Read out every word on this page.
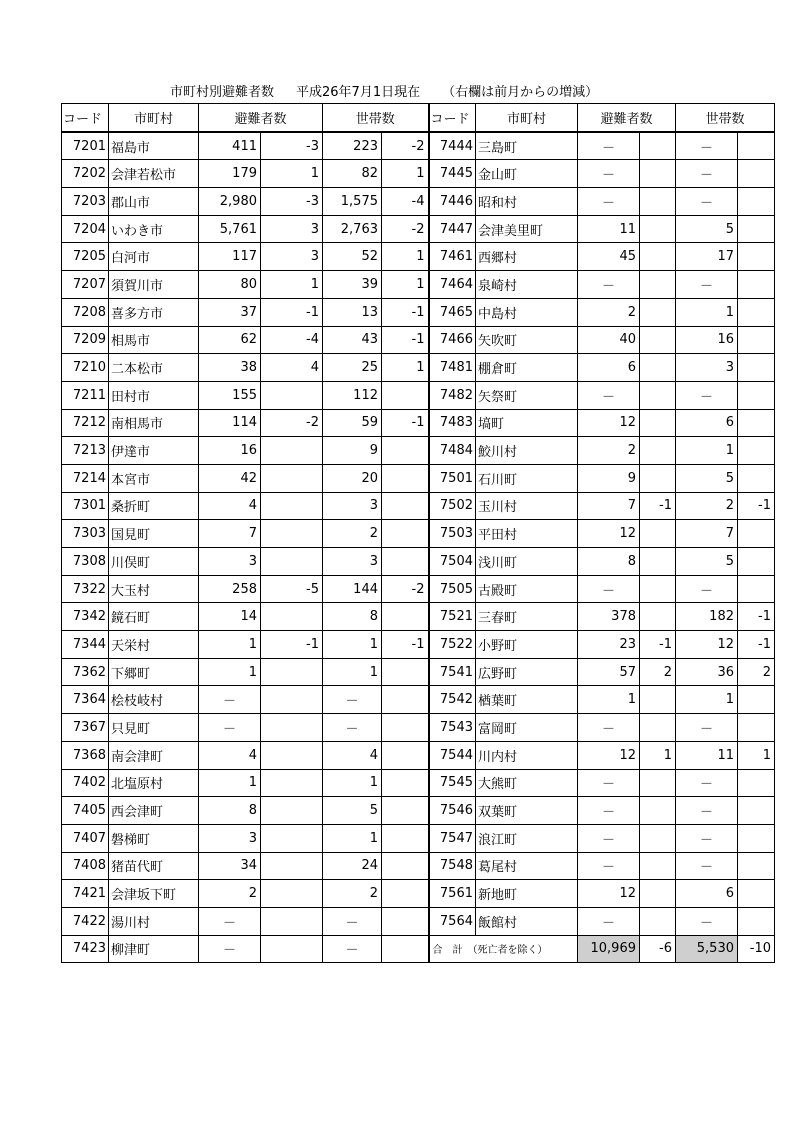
市町村別避難者数 平成26年7月1日現在 （右欄は前月からの増減）
コード	市町村	避難者数		世帯数		コード	市町村	避難者数		世帯数	
7201	福島市	411	-3	223	-2	7444	三島町	－		－	
7202	会津若松市	179	1	82	1	7445	金山町	－		－	
7203	郡山市	2,980	-3	1,575	-4	7446	昭和村	－		－	
7204	いわき市	5,761	3	2,763	-2	7447	会津美里町	11		5	
7205	白河市	117	3	52	1	7461	西郷村	45		17	
7207	須賀川市	80	1	39	1	7464	泉崎村	－		－	
7208	喜多方市	37	-1	13	-1	7465	中島村	2		1	
7209	相馬市	62	-4	43	-1	7466	矢吹町	40		16	
7210	二本松市	38	4	25	1	7481	棚倉町	6		3	
7211	田村市	155		112		7482	矢祭町	－		－	
7212	南相馬市	114	-2	59	-1	7483	塙町	12		6	
7213	伊達市	16		9		7484	鮫川村	2		1	
7214	本宮市	42		20		7501	石川町	9		5	
7301	桑折町	4		3		7502	玉川村	7	-1	2	-1
7303	国見町	7		2		7503	平田村	12		7	
7308	川俣町	3		3		7504	浅川町	8		5	
7322	大玉村	258	-5	144	-2	7505	古殿町	－		－	
7342	鏡石町	14		8		7521	三春町	378		182	-1
7344	天栄村	1	-1	1	-1	7522	小野町	23	-1	12	-1
7362	下郷町	1		1		7541	広野町	57	2	36	2
7364	桧枝岐村	－		－		7542	楢葉町	1		1	
7367	只見町	－		－		7543	富岡町	－		－	
7368	南会津町	4		4		7544	川内村	12	1	11	1
7402	北塩原村	1		1		7545	大熊町	－		－	
7405	西会津町	8		5		7546	双葉町	－		－	
7407	磐梯町	3		1		7547	浪江町	－		－	
7408	猪苗代町	34		24		7548	葛尾村	－		－	
7421	会津坂下町	2		2		7561	新地町	12		6	
7422	湯川村	－		－		7564	飯館村	－		－	
7423	柳津町	－		－		合　計　（死亡者を除く）		10,969	-6	5,530	-10
